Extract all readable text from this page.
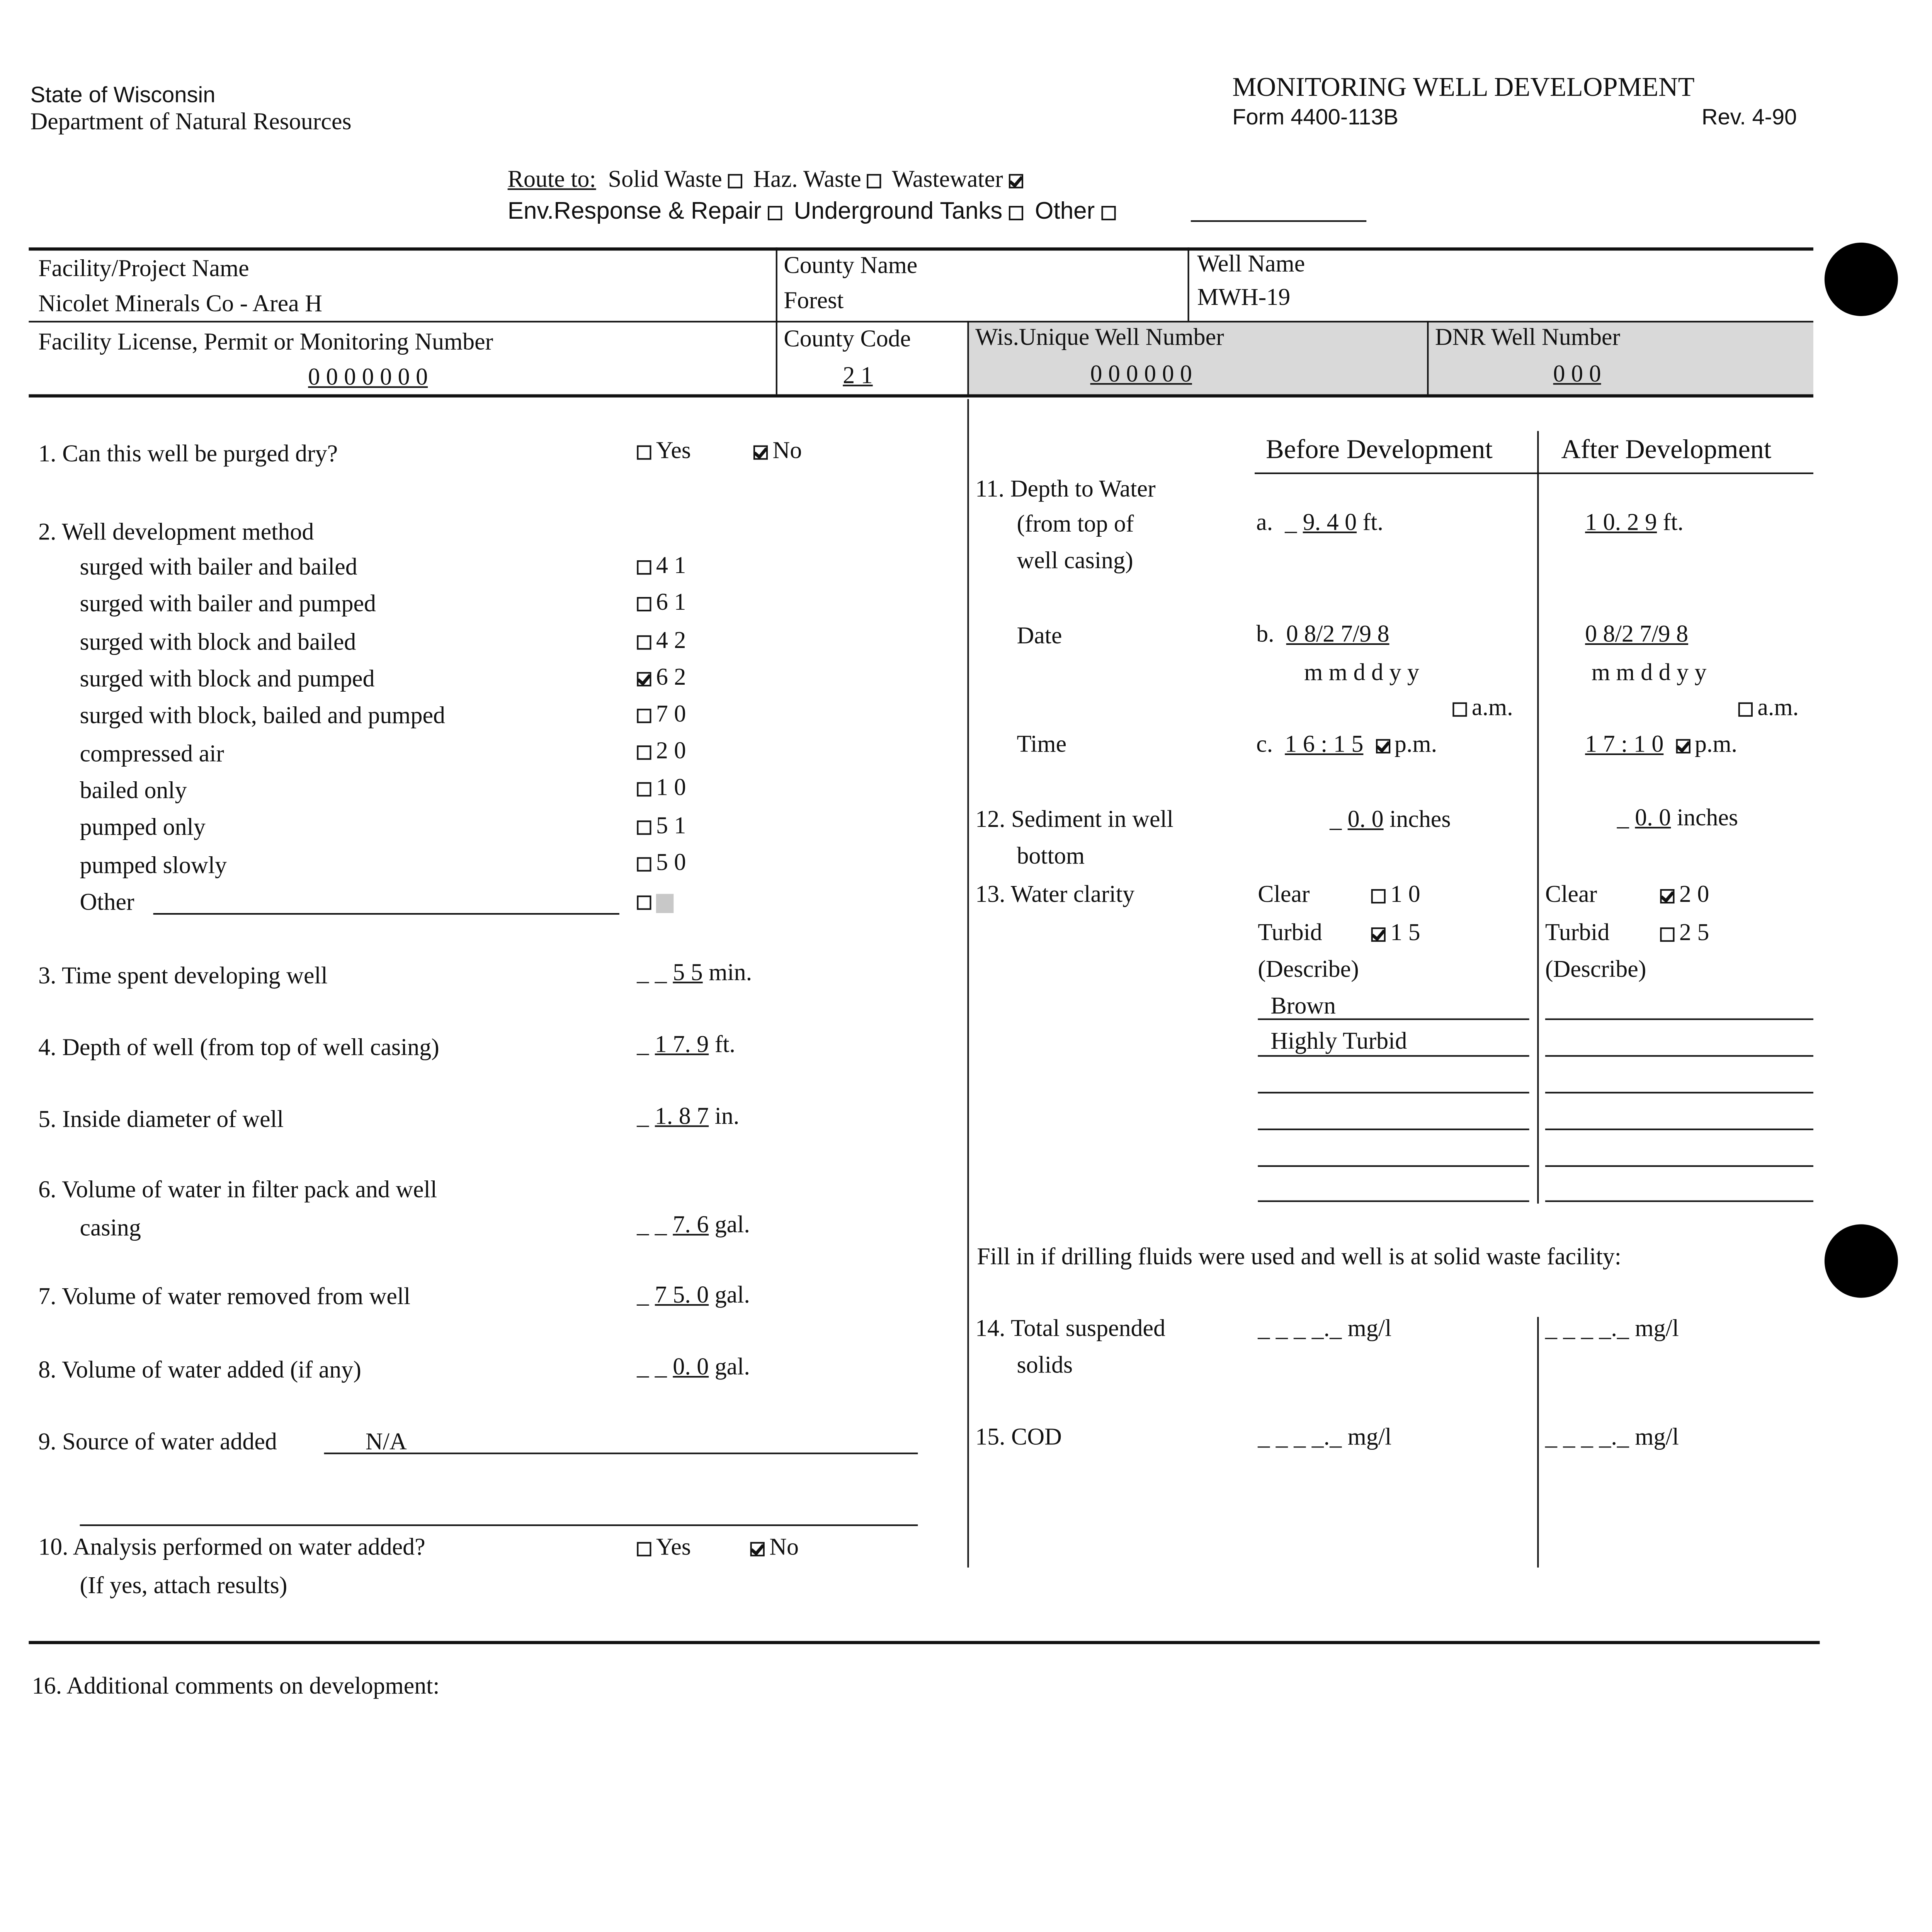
State of Wisconsin
Department of Natural Resources
MONITORING WELL DEVELOPMENT
Form 4400-113B	Rev. 4-90
Route to: Solid Waste	Haz. Waste	Wastewater
Env.Response & Repair	Underground Tanks	Other
Facility/Project Name
Nicolet Minerals Co - Area H
County Name
Forest
Well Name
MWH-19
Facility License, Permit or Monitoring Number
0 0 0 0 0 0 0
County Code
2 1
Wis.Unique Well Number
0 0 0 0 0 0
DNR Well Number
0 0 0
1. Can this well be purged dry?	Yes	No
2. Well development method
surged with bailer and bailed	4 1
surged with bailer and pumped	6 1
surged with block and bailed	4 2
surged with block and pumped	6 2
surged with block, bailed and pumped	7 0
compressed air	2 0
bailed only	1 0
pumped only	5 1
pumped slowly	5 0
Other
3. Time spent developing well	_ _ 5 5 min.
4. Depth of well (from top of well casing)	_ 1 7. 9 ft.
5. Inside diameter of well	_ 1. 8 7 in.
6. Volume of water in filter pack and well
casing	_ _ 7. 6 gal.
7. Volume of water removed from well	_ 7 5. 0 gal.
8. Volume of water added (if any)	_ _ 0. 0 gal.
9. Source of water added	N/A
10. Analysis performed on water added?
(If yes, attach results)
Yes	No
Before Development	After Development
11. Depth to Water
(from top of
well casing)
a.  _ 9. 4 0 ft.	1 0. 2 9 ft.
Date	b. 0 8/2 7/9 8	0 8/2 7/9 8
m m d d y y	m m d d y y
a.m.	a.m.
Time	c. 1 6 : 1 5	p.m.	1 7 : 1 0	p.m.
12. Sediment in well
bottom
_ 0. 0 inches	_ 0. 0 inches
13. Water clarity	Clear	1 0
Turbid	1 5
(Describe)
Clear	2 0
Turbid	2 5
(Describe)
Brown
Highly Turbid
Fill in if drilling fluids were used and well is at solid waste facility:
14. Total suspended
solids
_ _ _ _._ mg/l	_ _ _ _._ mg/l
15. COD	_ _ _ _._ mg/l	_ _ _ _._ mg/l
16. Additional comments on development:
